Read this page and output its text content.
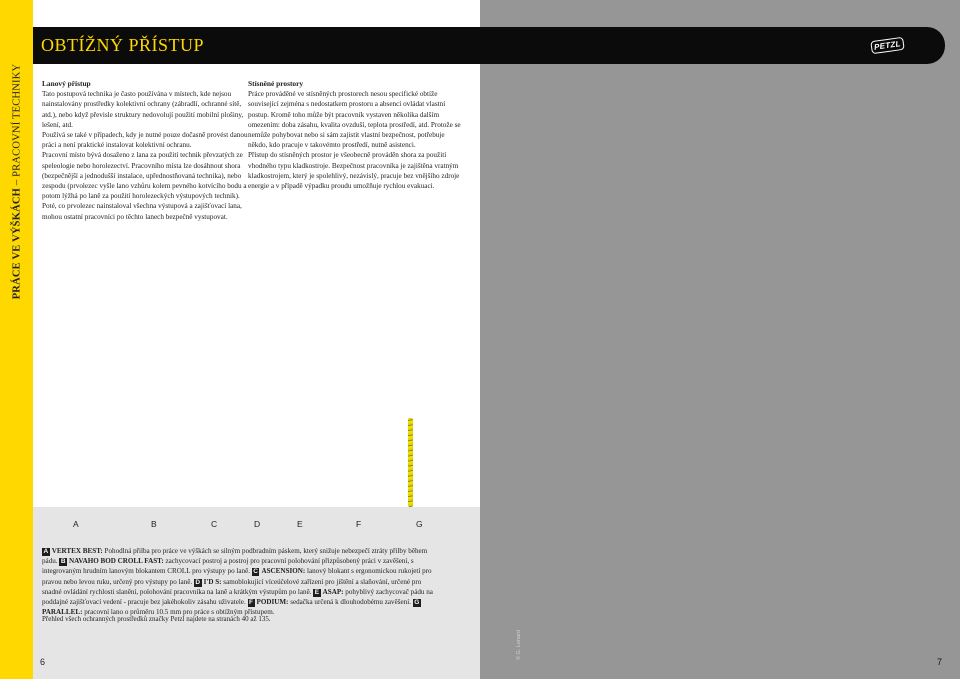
PRÁCE VE VÝŠKÁCH – PRACOVNÍ TECHNIKY
OBTÍŽNÝ PŘÍSTUP	PETZL
Lanový přístup

Tato postupová technika je často používána v místech, kde nejsou nainstalovány prostředky kolektivní ochrany (zábradlí, ochranné sítě, atd.), nebo když převisle struktury nedovolují použití mobilní plošiny, lešení, atd.

Používá se také v případech, kdy je nutné pouze dočasně provést danou práci a není praktické instalovat kolektivní ochranu.

Pracovní místo bývá dosaženo z lana za použití technik převzatých ze speleologie nebo horolezectví. Pracovního místa lze dosáhnout shora (bezpečnější a jednodušší instalace, upřednostňovaná technika), nebo zespodu (prvolezec vyšle lano vzhůru kolem pevného kotvícího bodu a potom lýžhá po laně za použití horolezeckých výstupových technik). Poté, co prvolezec nainstaloval všechna výstupová a zajišťovací lana, mohou ostatní pracovníci po těchto lanech bezpečně vystupovat.

Stísněné prostory

Práce prováděné ve stísněných prostorech nesou specifické obtíže související zejména s nedostatkem prostoru a absencí ovládat vlastní postup. Kromě toho může být pracovník vystaven několika dalším omezením: doba zásahu, kvalita ovzduší, teplota prostředí, atd. Protože se nemůže pohybovat nebo si sám zajistit vlastní bezpečnost, potřebuje někdo, kdo pracuje v takovémto prostředí, nutně asistenci.

Přístup do stísněných prostor je všeobecně prováděn shora za použití vhodného typu kladkostroje. Bezpečnost pracovníka je zajištěna vratným kladkostrojem, který je spolehlivý, nezávislý, pracuje bez vnějšího zdroje energie a v případě výpadku proudu umožňuje rychlou evakuaci.

A	B	C	D	E	F	G
A VERTEX BEST: Pohodlná přilba pro práce ve výškách se silným podbradním páskem, který snižuje nebezpečí ztráty přilby během pádu. B NAVAHO BOD CROLL FAST: zachycovací postroj a postroj pro pracovní polohování přizpůsobený práci v zavěšení, s integrovaným hrudním lanovým blokantem CROLL pro výstupy po laně. C ASCENSION: lanový blokant s ergonomickou rukojetí pro pravou nebo levou ruku, určený pro výstupy po laně. D I'D S: samoblokující víceúčelové zařízení pro jištění a slaňování, určené pro snadné ovládání rychlosti slanění, polohování pracovníka na laně a krátkým výstupům po laně. E ASAP: pohyblivý zachycovač pádu na poddajné zajišťovací vedení - pracuje bez jakéhokoliv zásahu uživatele. F PODIUM: sedačka určená k dlouhodobému zavěšení. GPARALLEL: pracovní lano o průměru 10.5 mm pro práce s obtížným přístupem.
Přehled všech ochranných prostředků značky Petzl najdete na stranách 40 až 135.
6	7
© G. Lenard
